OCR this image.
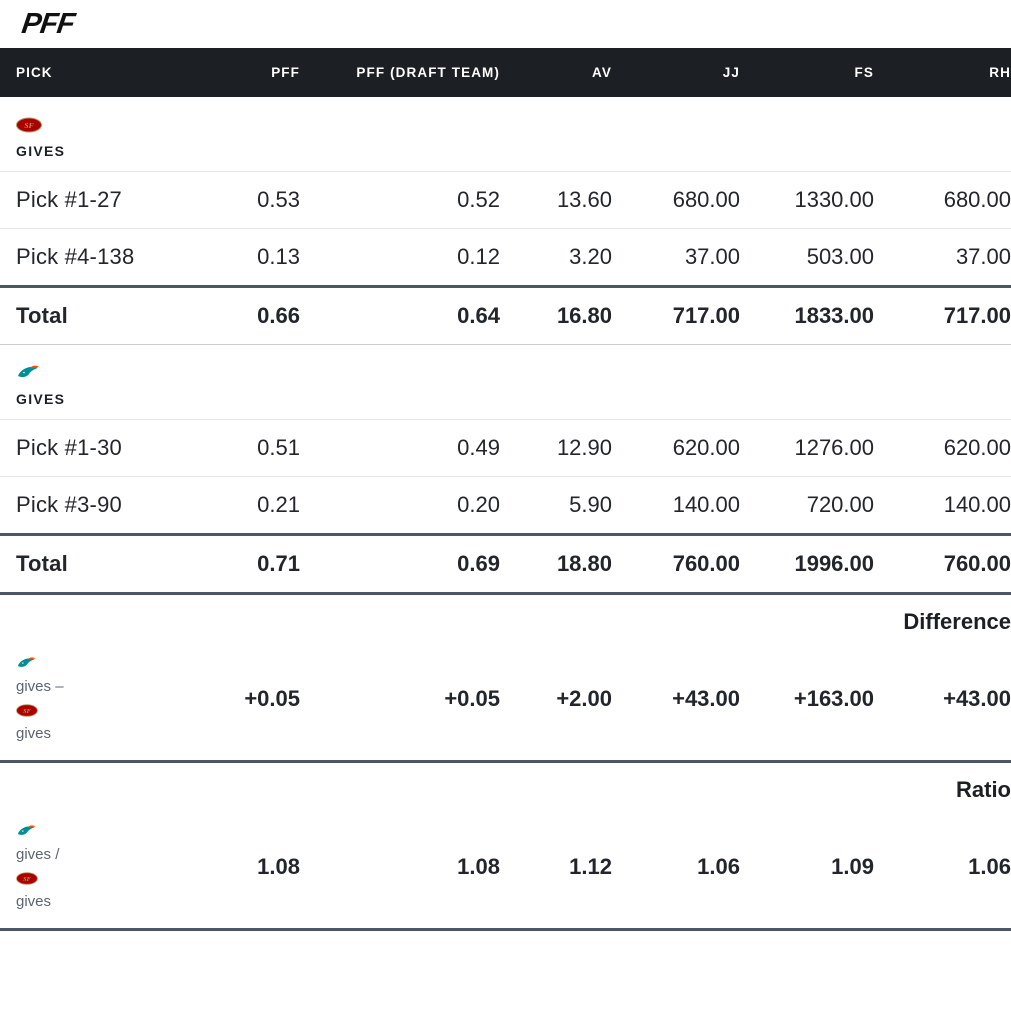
PFF
PICK	PFF	PFF (DRAFT TEAM)	AV	JJ	FS	RH

SF
GIVES						

Pick #1-27	0.53	0.52	13.60	680.00	1330.00	680.00
Pick #4-138	0.13	0.12	3.20	37.00	503.00	37.00
Total	0.66	0.64	16.80	717.00	1833.00	717.00

GIVES						

Pick #1-30	0.51	0.49	12.90	620.00	1276.00	620.00
Pick #3-90	0.21	0.20	5.90	140.00	720.00	140.00
Total	0.71	0.69	18.80	760.00	1996.00	760.00

Difference						

gives –
SF
gives	+0.05	+0.05	+2.00	+43.00	+163.00	+43.00

Ratio						

gives /
SF
gives	1.08	1.08	1.12	1.06	1.09	1.06
